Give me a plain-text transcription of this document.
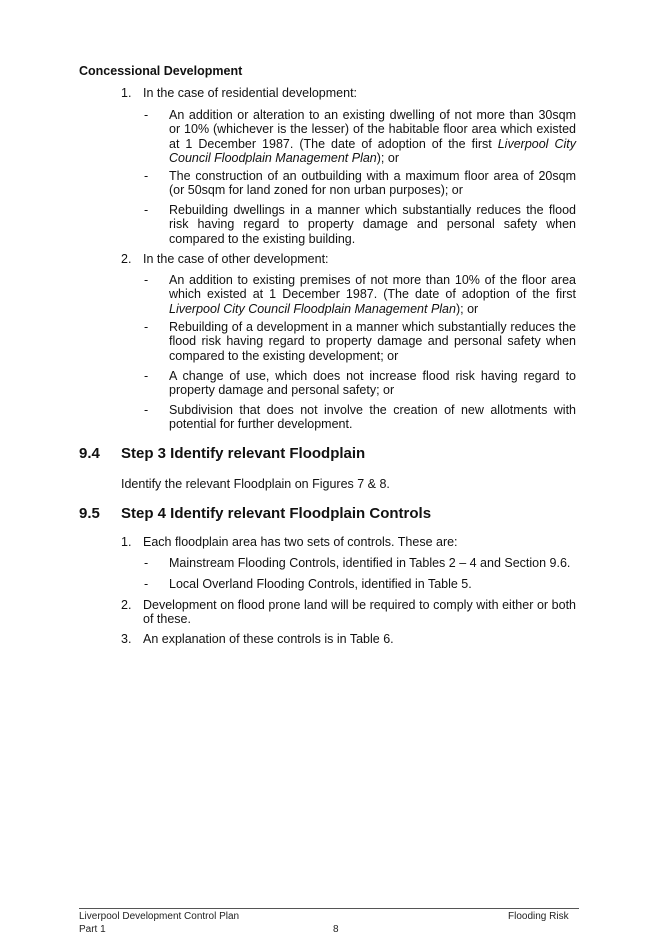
Concessional Development
1. In the case of residential development:
- An addition or alteration to an existing dwelling of not more than 30sqm or 10% (whichever is the lesser) of the habitable floor area which existed at 1 December 1987. (The date of adoption of the first Liverpool City Council Floodplain Management Plan); or
- The construction of an outbuilding with a maximum floor area of 20sqm (or 50sqm for land zoned for non urban purposes); or
- Rebuilding dwellings in a manner which substantially reduces the flood risk having regard to property damage and personal safety when compared to the existing building.
2. In the case of other development:
- An addition to existing premises of not more than 10% of the floor area which existed at 1 December 1987. (The date of adoption of the first Liverpool City Council Floodplain Management Plan); or
- Rebuilding of a development in a manner which substantially reduces the flood risk having regard to property damage and personal safety when compared to the existing development; or
- A change of use, which does not increase flood risk having regard to property damage and personal safety; or
- Subdivision that does not involve the creation of new allotments with potential for further development.
9.4 Step 3 Identify relevant Floodplain
Identify the relevant Floodplain on Figures 7 & 8.
9.5 Step 4 Identify relevant Floodplain Controls
1. Each floodplain area has two sets of controls. These are:
- Mainstream Flooding Controls, identified in Tables 2 – 4 and Section 9.6.
- Local Overland Flooding Controls, identified in Table 5.
2. Development on flood prone land will be required to comply with either or both of these.
3. An explanation of these controls is in Table 6.
Liverpool Development Control Plan
Part 1	8
Flooding Risk
